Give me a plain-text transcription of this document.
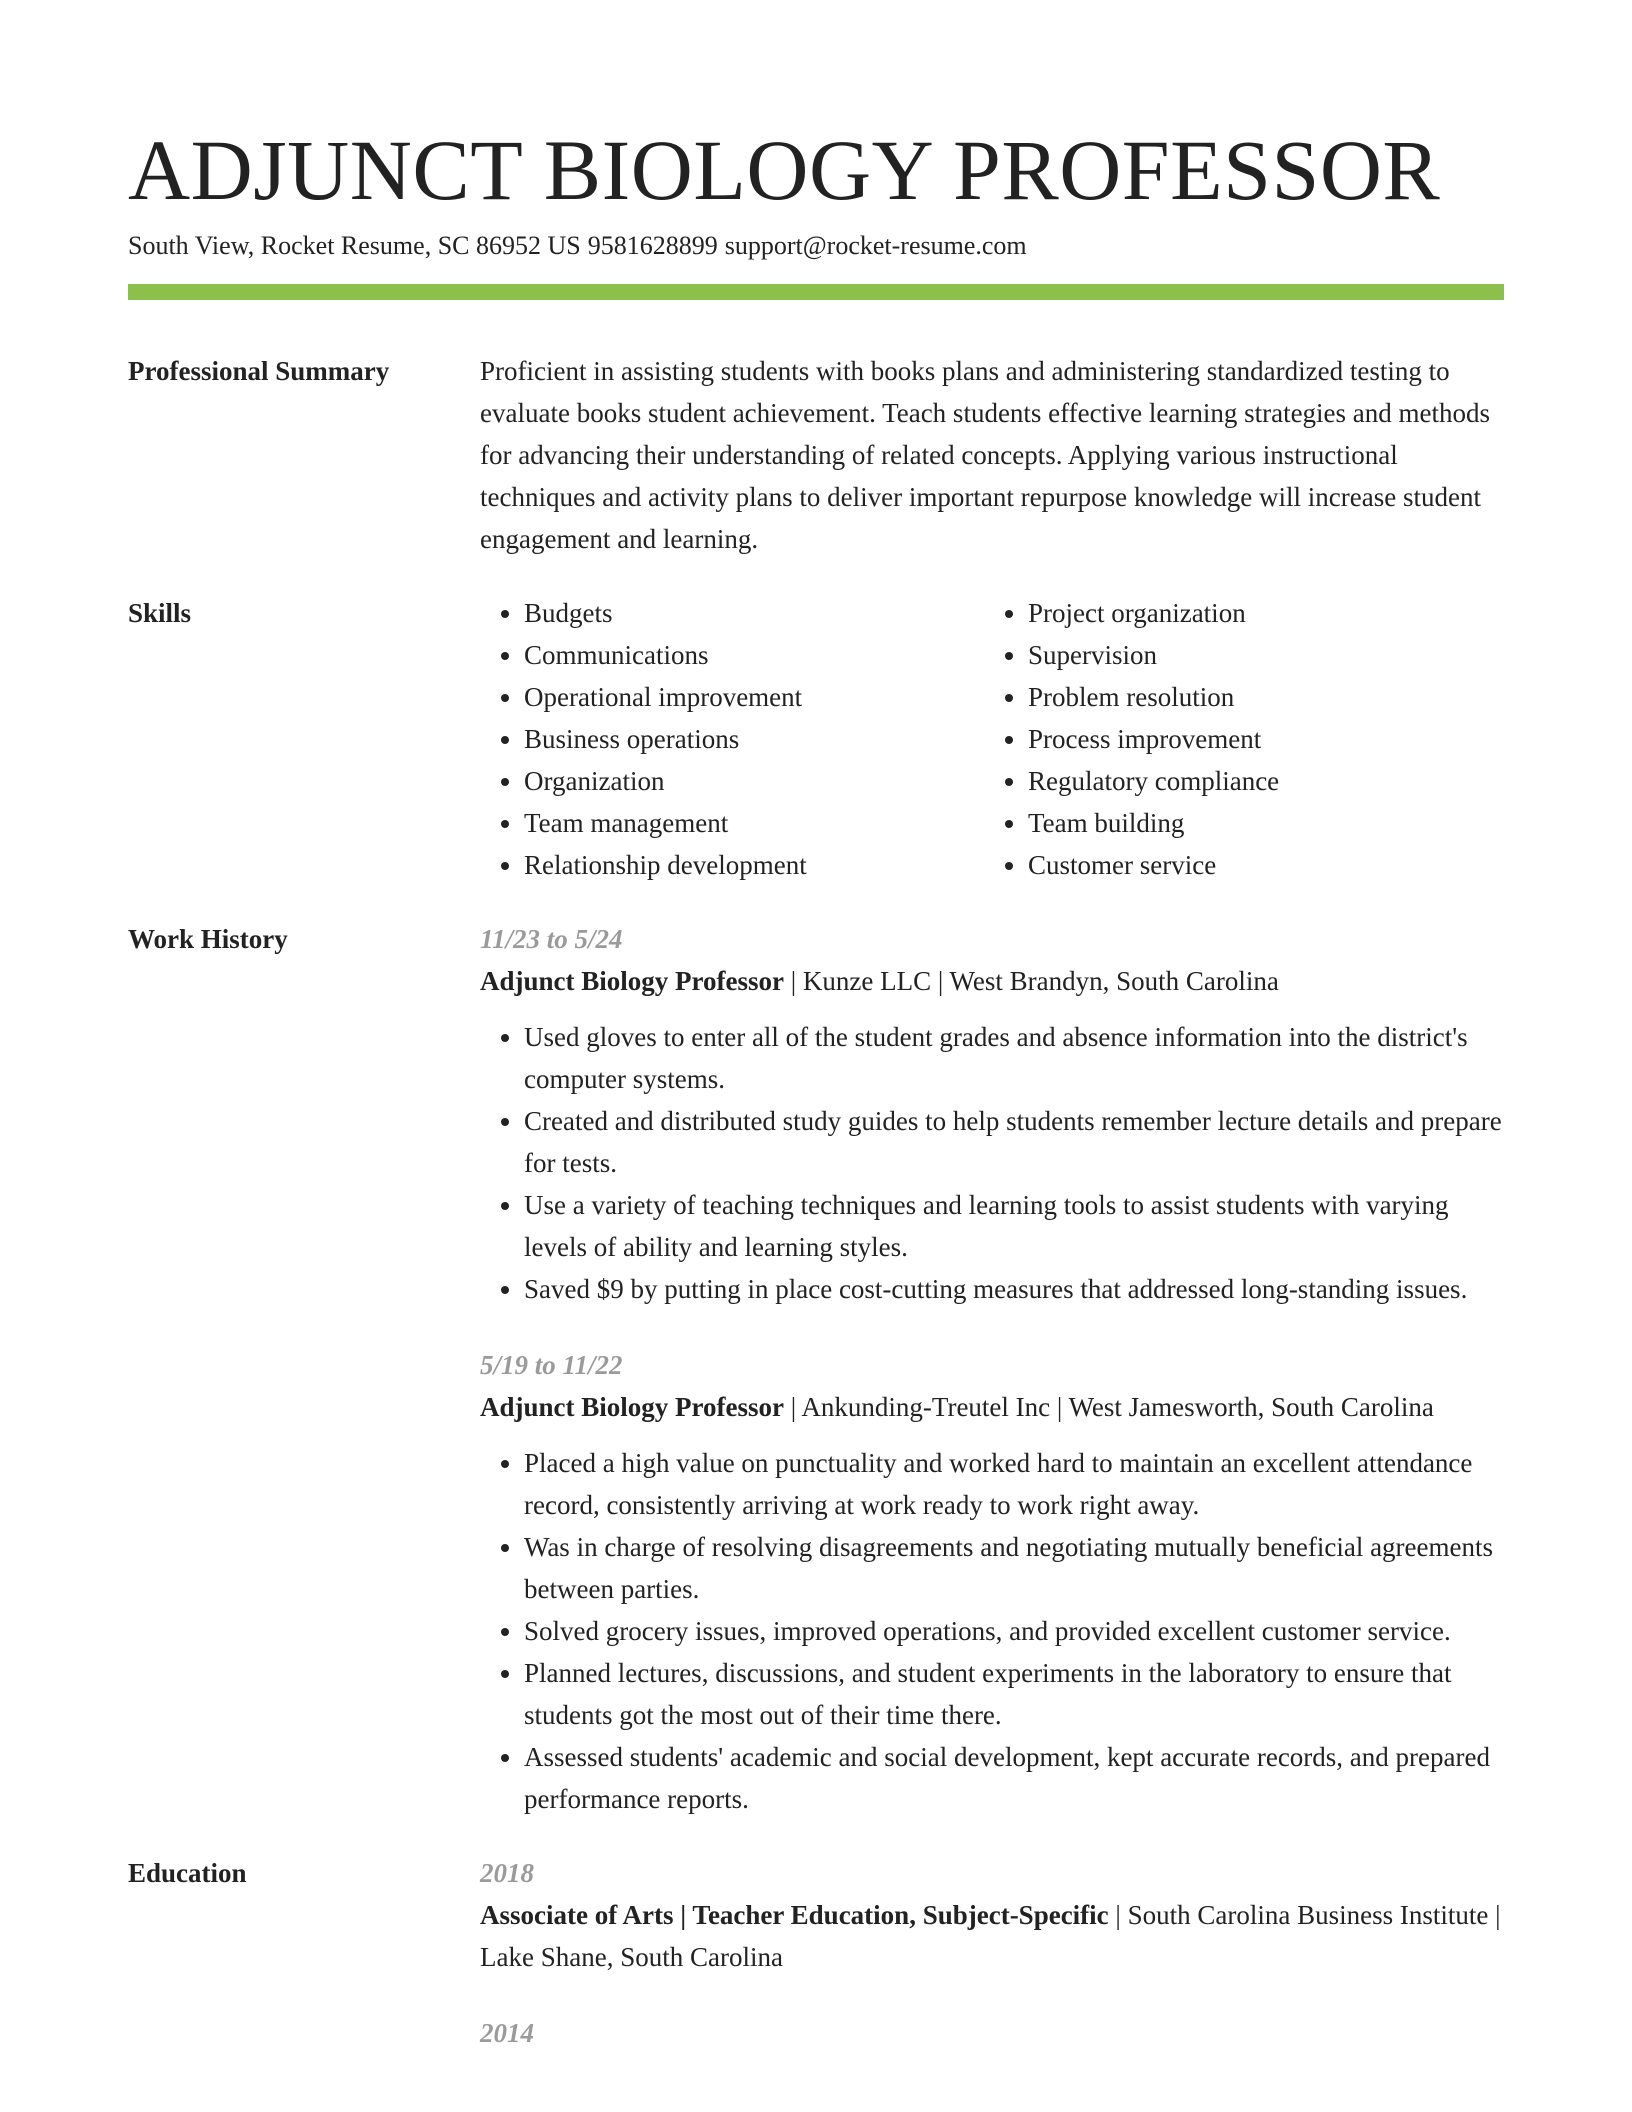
ADJUNCT BIOLOGY PROFESSOR
South View, Rocket Resume, SC 86952 US 9581628899 support@rocket-resume.com
Professional Summary	Proficient in assisting students with books plans and administering standardized testing to evaluate books student achievement. Teach students effective learning strategies and methods for advancing their understanding of related concepts. Applying various instructional techniques and activity plans to deliver important repurpose knowledge will increase student engagement and learning.

Skills
•	Budgets
• Communications
• Operational improvement
• Business operations
• Organization
• Team management
• Relationship development
• Project organization
• Supervision
• Problem resolution
• Process improvement
• Regulatory compliance
• Team building
• Customer service
Work History	11/23 to 5/24
Adjunct Biology Professor | Kunze LLC | West Brandyn, South Carolina
• Used gloves to enter all of the student grades and absence information into the district's computer systems.
• Created and distributed study guides to help students remember lecture details and prepare for tests.
• Use a variety of teaching techniques and learning tools to assist students with varying levels of ability and learning styles.
• Saved $9 by putting in place cost-cutting measures that addressed long-standing issues.
5/19 to 11/22
Adjunct Biology Professor | Ankunding-Treutel Inc | West Jamesworth, South Carolina
• Placed a high value on punctuality and worked hard to maintain an excellent attendance record, consistently arriving at work ready to work right away.
• Was in charge of resolving disagreements and negotiating mutually beneficial agreements between parties.
• Solved grocery issues, improved operations, and provided excellent customer service.
• Planned lectures, discussions, and student experiments in the laboratory to ensure that students got the most out of their time there.
• Assessed students' academic and social development, kept accurate records, and prepared performance reports.
Education	2018
Associate of Arts | Teacher Education, Subject-Specific | South Carolina Business Institute | Lake Shane, South Carolina
2014
